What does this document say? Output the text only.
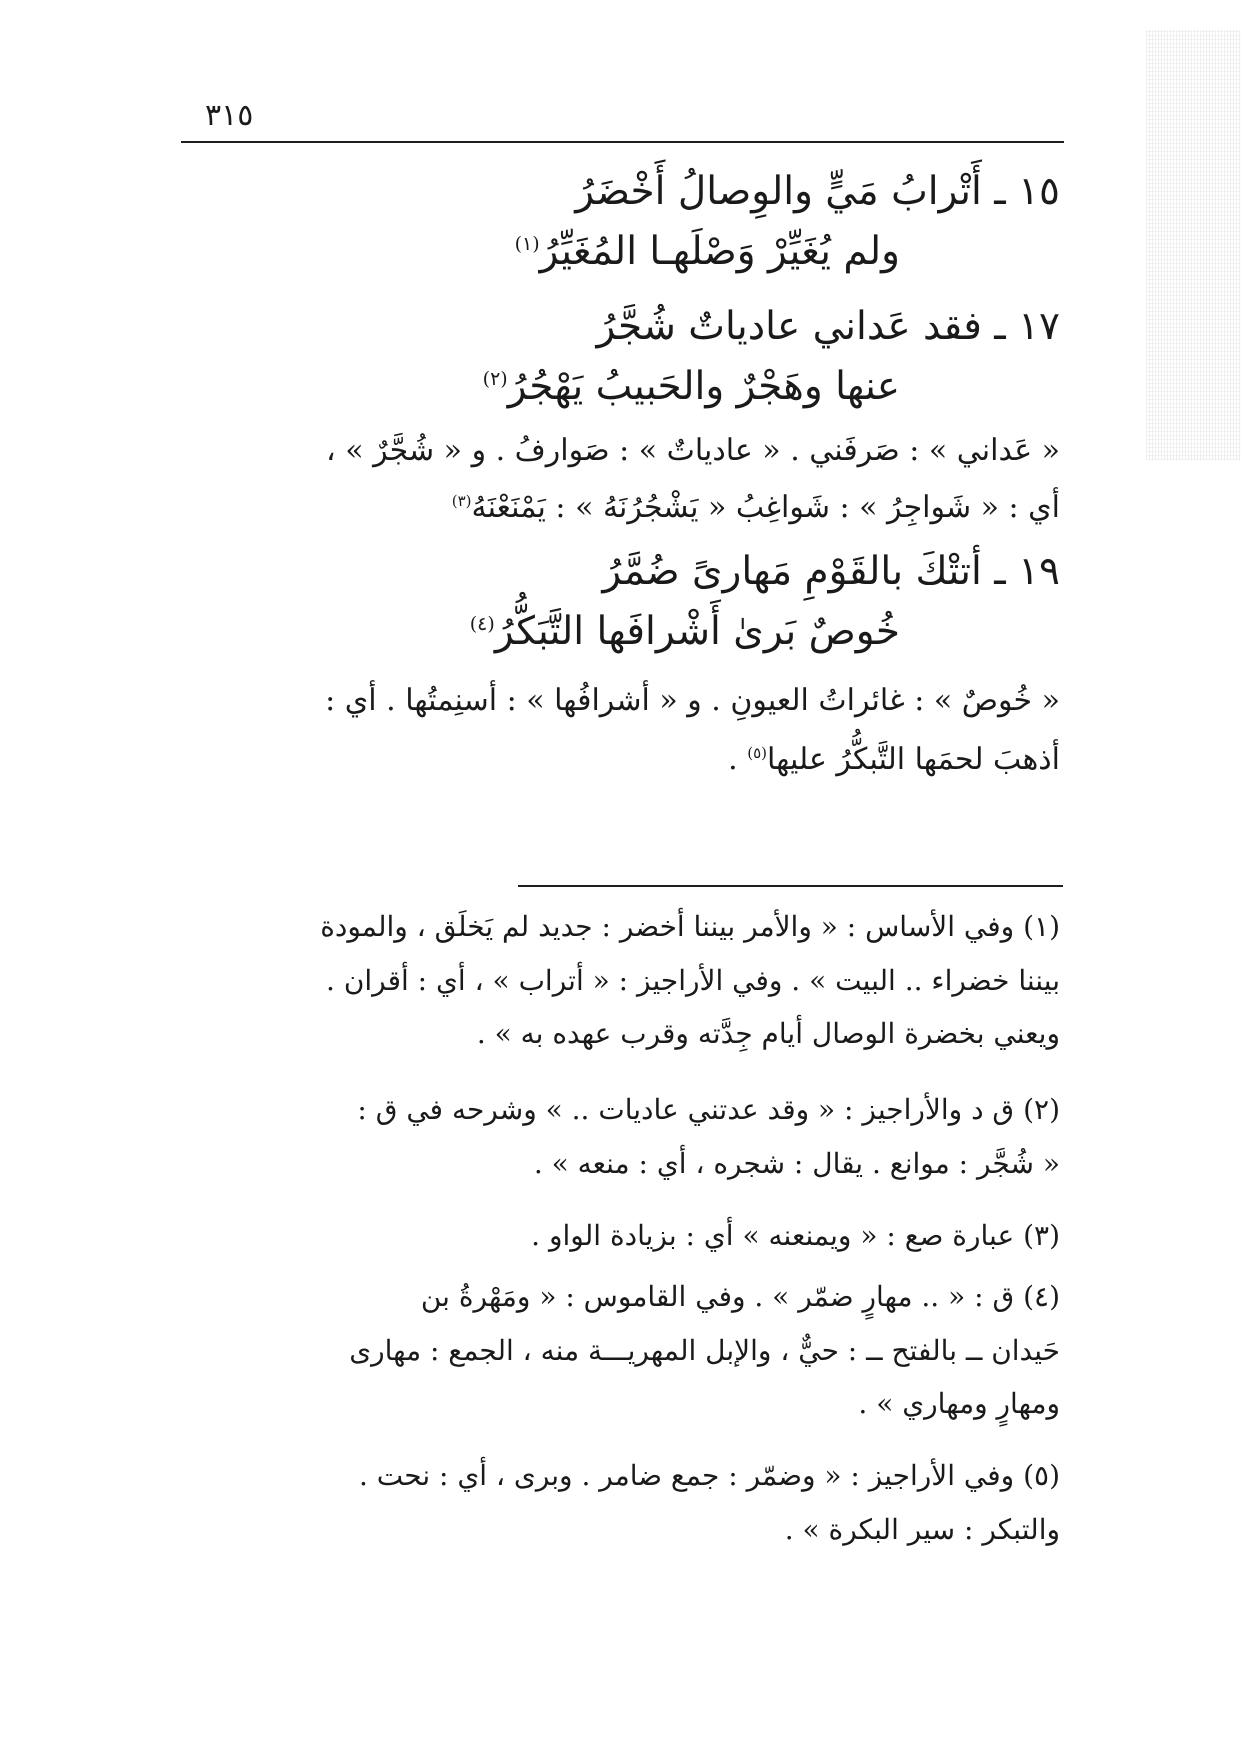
٣١٥
١٥ ـ أَتْرابُ مَيٍّ والوِصالُ أَخْضَرُ
ولم يُغَيِّرْ وَصْلَهـا المُغَيِّرُ$^{(١)}$
١٧ ـ فقد عَداني عادياتٌ شُجَّرُ
عنها وهَجْرٌ والحَبيبُ يَهْجُرُ$^{(٢)}$
« عَداني » : صَرفَني . « عادياتٌ » : صَوارفُ . و « شُجَّرٌ » ،
أي : « شَواجِرُ » : شَواغِبُ « يَشْجُرُنَهُ » : يَمْنَعْنَهُ$^{(٣)}$
١٩ ـ أتتْكَ بالقَوْمِ مَهارىً ضُمَّرُ
خُوصٌ بَرىٰ أَشْرافَها التَّبَكُّرُ$^{(٤)}$
« خُوصٌ » : غائراتُ العيونِ . و « أشرافُها » : أسنِمتُها . أي :
أذهبَ لحمَها التَّبكُّرُ عليها$^{(٥)}$ .
(١) وفي الأساس : « والأمر بيننا أخضر : جديد لم يَخلَق ، والمودة
بيننا خضراء .. البيت » . وفي الأراجيز : « أتراب » ، أي : أقران .
ويعني بخضرة الوصال أيام جِدَّته وقرب عهده به » .
(٢) ق د والأراجيز : « وقد عدتني عاديات .. » وشرحه في ق :
« شُجَّر : موانع . يقال : شجره ، أي : منعه » .
(٣) عبارة صع : « ويمنعنه » أي : بزيادة الواو .
(٤) ق : « .. مهارٍ ضمّر » . وفي القاموس : « ومَهْرةُ بن
حَيدان ــ بالفتح ــ : حيٌّ ، والإبل المهريـــة منه ، الجمع : مهارى
ومهارٍ ومهاري » .
(٥) وفي الأراجيز : « وضمّر : جمع ضامر . وبرى ، أي : نحت .
والتبكر : سير البكرة » .
